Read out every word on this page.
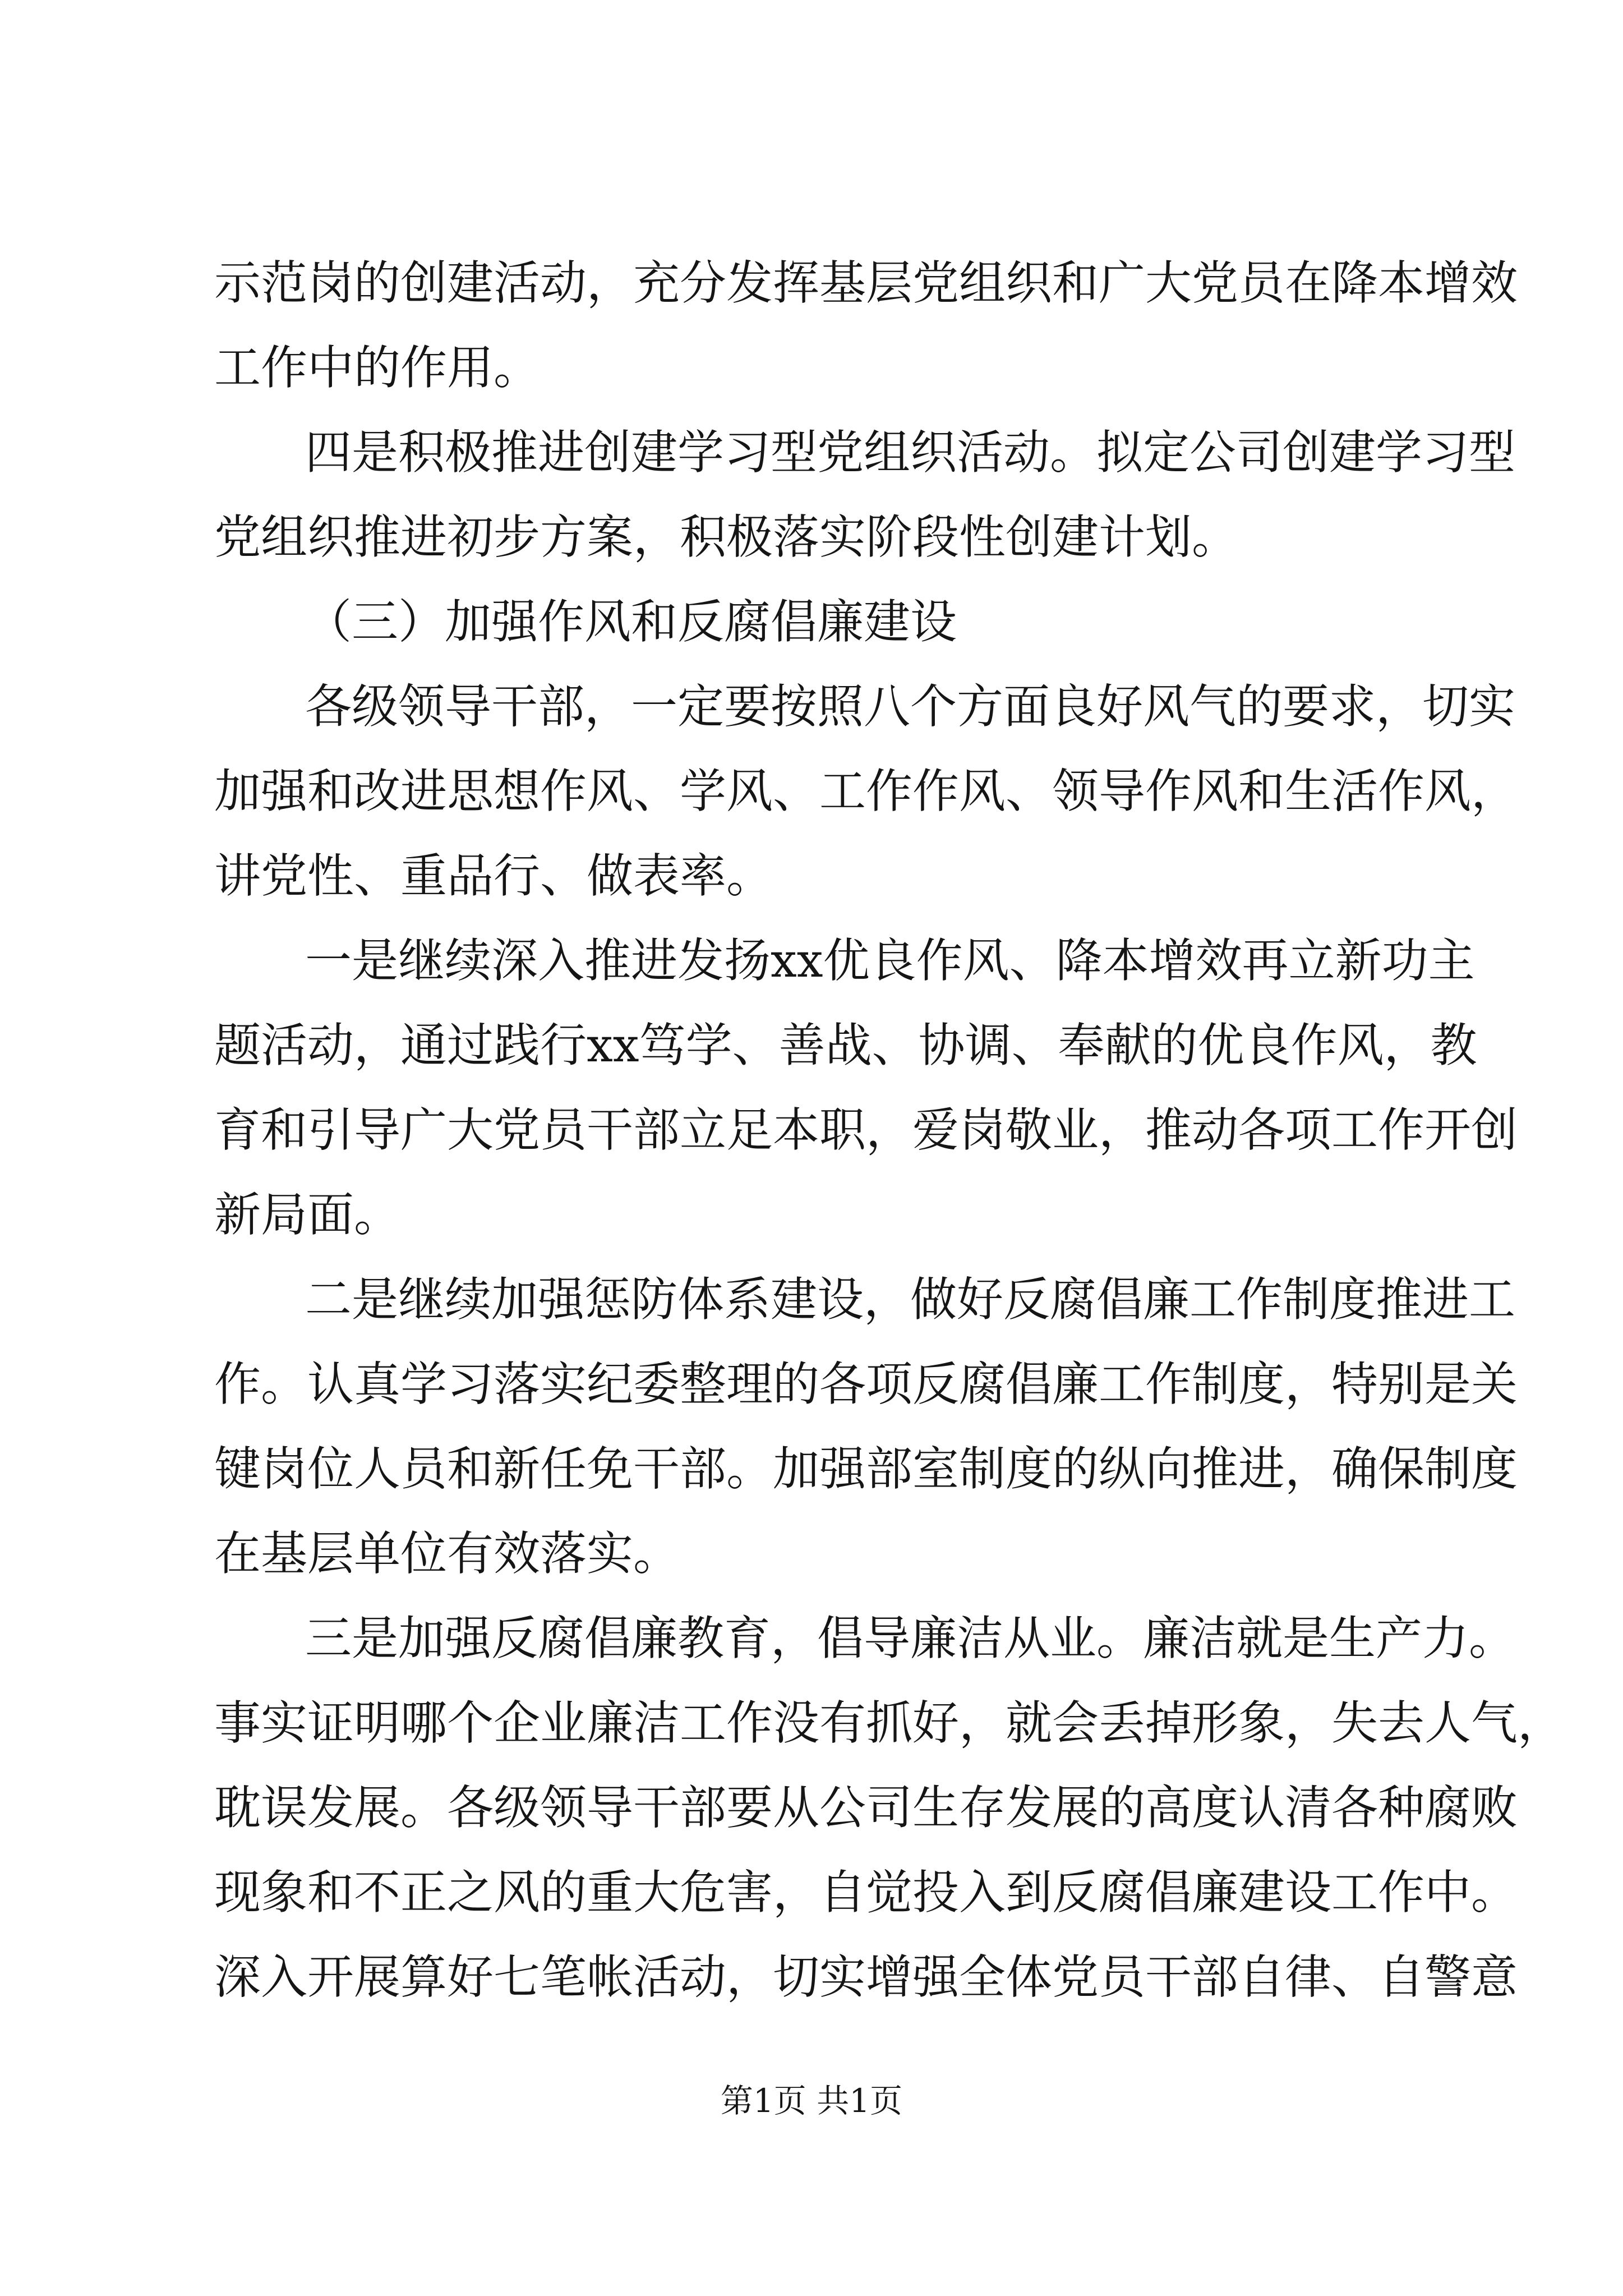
示范岗的创建活动，充分发挥基层党组织和广大党员在降本增效
工作中的作用。
四是积极推进创建学习型党组织活动。拟定公司创建学习型
党组织推进初步方案，积极落实阶段性创建计划。
（三）加强作风和反腐倡廉建设
各级领导干部，一定要按照八个方面良好风气的要求，切实
加强和改进思想作风、学风、工作作风、领导作风和生活作风，
讲党性、重品行、做表率。
一是继续深入推进发扬xx优良作风、降本增效再立新功主
题活动，通过践行xx笃学、善战、协调、奉献的优良作风，教
育和引导广大党员干部立足本职，爱岗敬业，推动各项工作开创
新局面。
二是继续加强惩防体系建设，做好反腐倡廉工作制度推进工
作。认真学习落实纪委整理的各项反腐倡廉工作制度，特别是关
键岗位人员和新任免干部。加强部室制度的纵向推进，确保制度
在基层单位有效落实。
三是加强反腐倡廉教育，倡导廉洁从业。廉洁就是生产力。
事实证明哪个企业廉洁工作没有抓好，就会丢掉形象，失去人气，
耽误发展。各级领导干部要从公司生存发展的高度认清各种腐败
现象和不正之风的重大危害，自觉投入到反腐倡廉建设工作中。
深入开展算好七笔帐活动，切实增强全体党员干部自律、自警意
第1页 共1页
